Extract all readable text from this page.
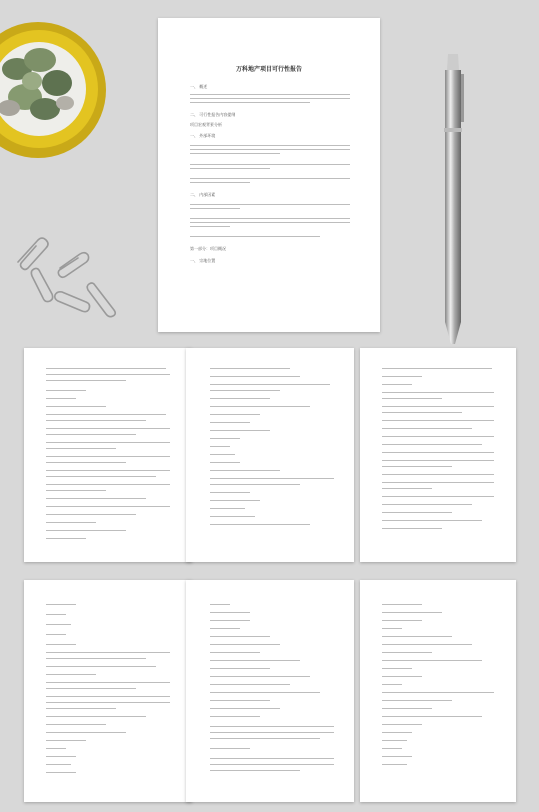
万科地产项目可行性报告
一、 概述
二、 可行性报告内容提纲
项目宏观背景分析
一、 外部环境
二、 内部因素
第一部分：项目概况
一、 宗地位置
